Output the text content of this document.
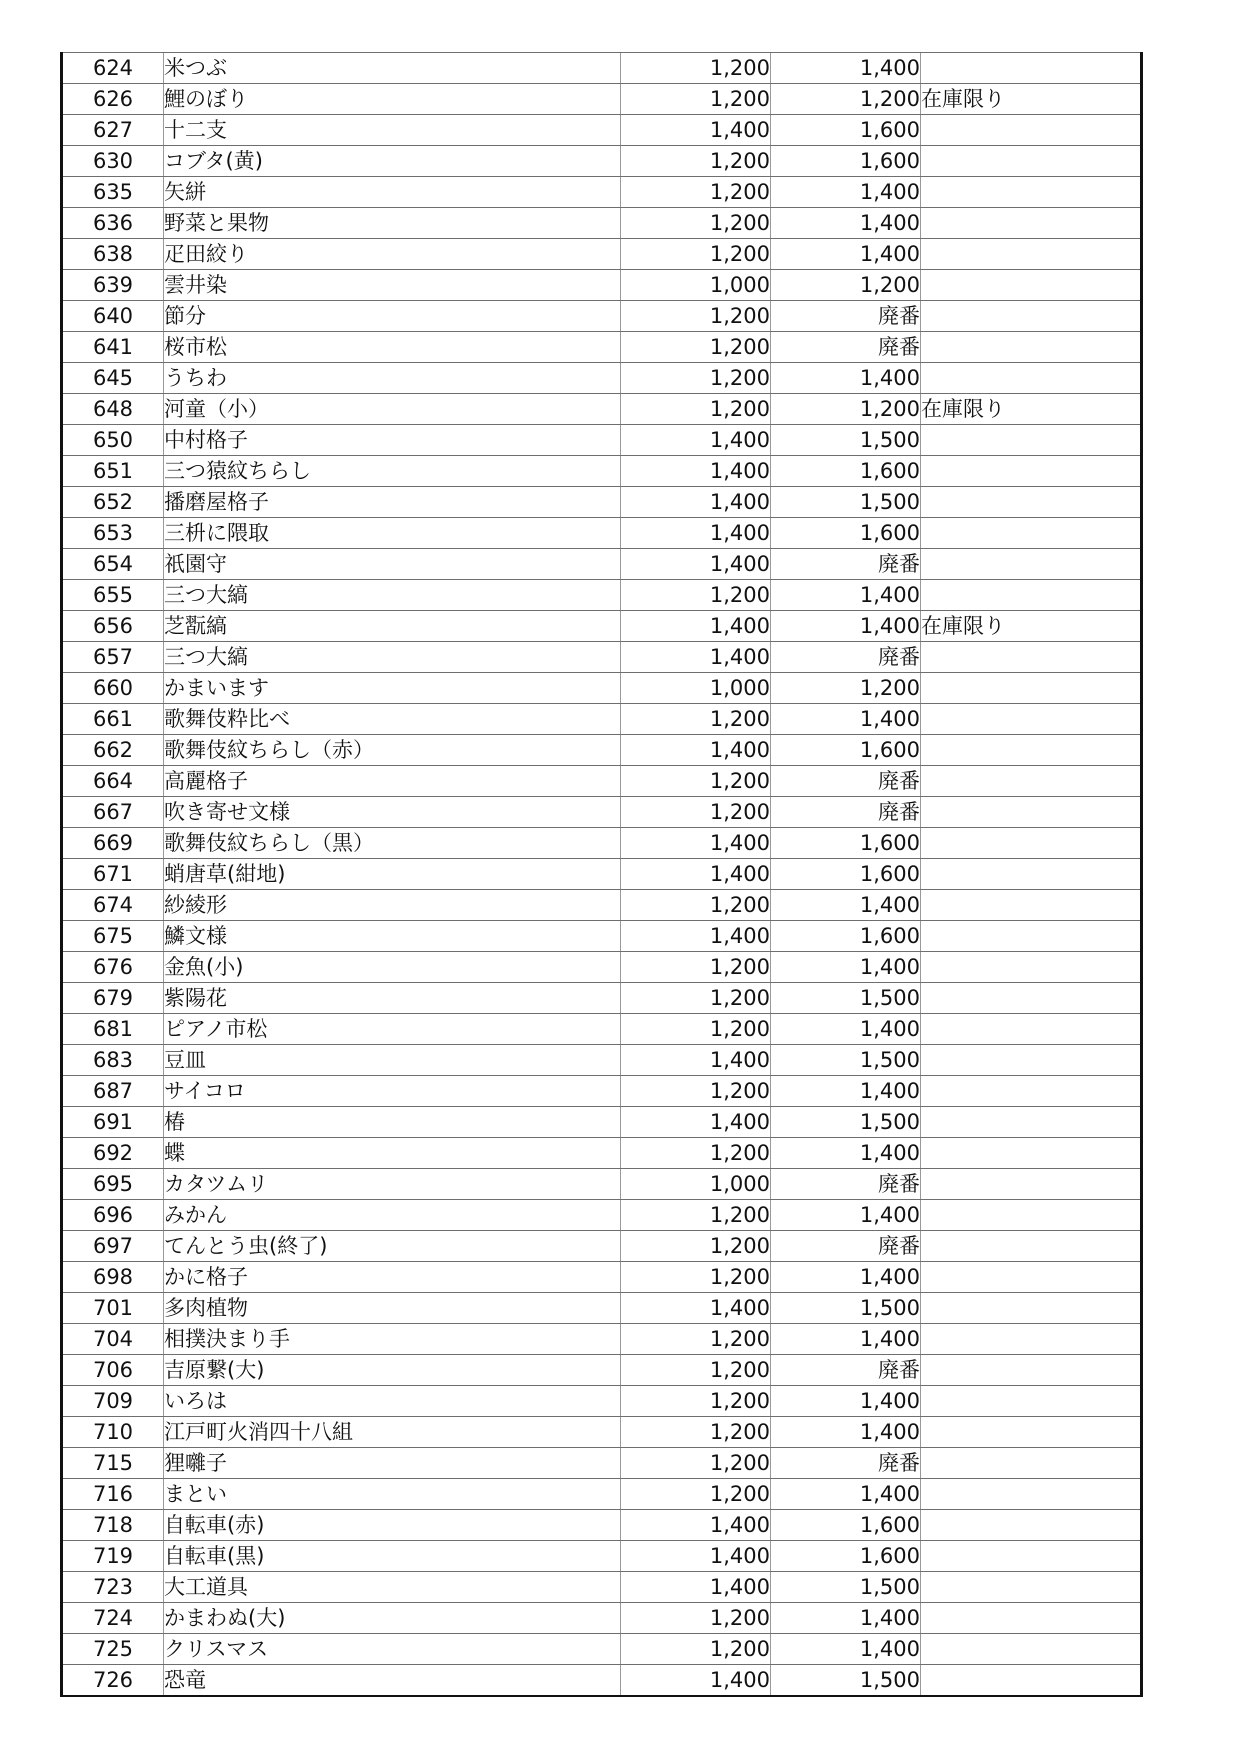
624	米つぶ	1,200	1,400	
626	鯉のぼり	1,200	1,200	在庫限り
627	十二支	1,400	1,600	
630	コブタ(黄)	1,200	1,600	
635	矢絣	1,200	1,400	
636	野菜と果物	1,200	1,400	
638	疋田絞り	1,200	1,400	
639	雲井染	1,000	1,200	
640	節分	1,200	廃番	
641	桜市松	1,200	廃番	
645	うちわ	1,200	1,400	
648	河童（小）	1,200	1,200	在庫限り
650	中村格子	1,400	1,500	
651	三つ猿紋ちらし	1,400	1,600	
652	播磨屋格子	1,400	1,500	
653	三枡に隈取	1,400	1,600	
654	祇園守	1,400	廃番	
655	三つ大縞	1,200	1,400	
656	芝翫縞	1,400	1,400	在庫限り
657	三つ大縞	1,400	廃番	
660	かまいます	1,000	1,200	
661	歌舞伎粋比べ	1,200	1,400	
662	歌舞伎紋ちらし（赤）	1,400	1,600	
664	高麗格子	1,200	廃番	
667	吹き寄せ文様	1,200	廃番	
669	歌舞伎紋ちらし（黒）	1,400	1,600	
671	蛸唐草(紺地)	1,400	1,600	
674	紗綾形	1,200	1,400	
675	鱗文様	1,400	1,600	
676	金魚(小)	1,200	1,400	
679	紫陽花	1,200	1,500	
681	ピアノ市松	1,200	1,400	
683	豆皿	1,400	1,500	
687	サイコロ	1,200	1,400	
691	椿	1,400	1,500	
692	蝶	1,200	1,400	
695	カタツムリ	1,000	廃番	
696	みかん	1,200	1,400	
697	てんとう虫(終了)	1,200	廃番	
698	かに格子	1,200	1,400	
701	多肉植物	1,400	1,500	
704	相撲決まり手	1,200	1,400	
706	吉原繋(大)	1,200	廃番	
709	いろは	1,200	1,400	
710	江戸町火消四十八組	1,200	1,400	
715	狸囃子	1,200	廃番	
716	まとい	1,200	1,400	
718	自転車(赤)	1,400	1,600	
719	自転車(黒)	1,400	1,600	
723	大工道具	1,400	1,500	
724	かまわぬ(大)	1,200	1,400	
725	クリスマス	1,200	1,400	
726	恐竜	1,400	1,500	
